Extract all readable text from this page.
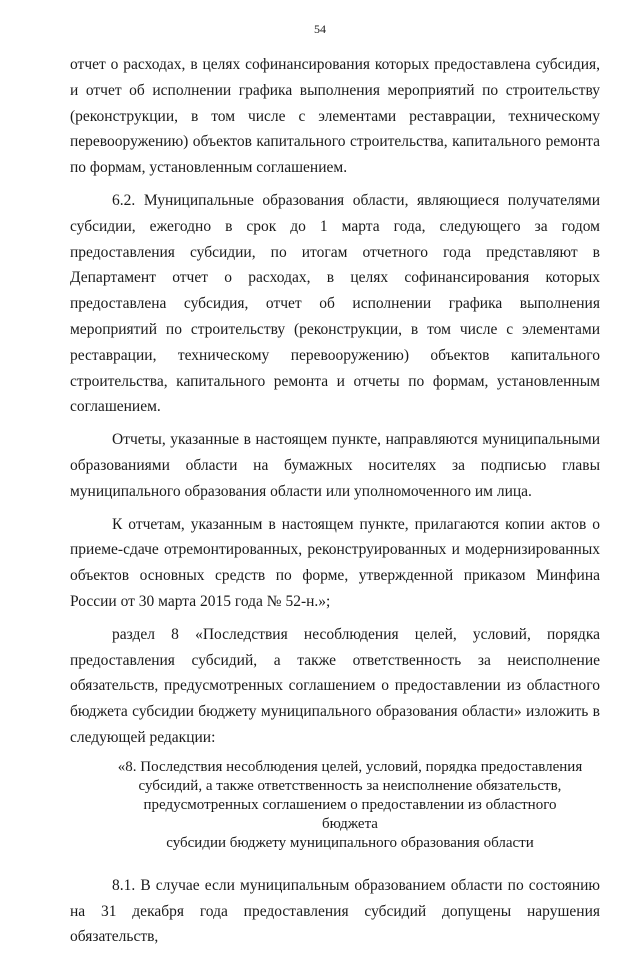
54

отчет о расходах, в целях софинансирования которых предоставлена субсидия, и отчет об исполнении графика выполнения мероприятий по строительству (реконструкции, в том числе с элементами реставрации, техническому перевооружению) объектов капитального строительства, капитального ремонта по формам, установленным соглашением.

6.2. Муниципальные образования области, являющиеся получателями субсидии, ежегодно в срок до 1 марта года, следующего за годом предоставления субсидии, по итогам отчетного года представляют в Департамент отчет о расходах, в целях софинансирования которых предоставлена субсидия, отчет об исполнении графика выполнения мероприятий по строительству (реконструкции, в том числе с элементами реставрации, техническому перевооружению) объектов капитального строительства, капитального ремонта и отчеты по формам, установленным соглашением.

Отчеты, указанные в настоящем пункте, направляются муниципальными образованиями области на бумажных носителях за подписью главы муниципального образования области или уполномоченного им лица.

К отчетам, указанным в настоящем пункте, прилагаются копии актов о приеме-сдаче отремонтированных, реконструированных и модернизированных объектов основных средств по форме, утвержденной приказом Минфина России от 30 марта 2015 года № 52-н.»;

раздел 8 «Последствия несоблюдения целей, условий, порядка предоставления субсидий, а также ответственность за неисполнение обязательств, предусмотренных соглашением о предоставлении из областного бюджета субсидии бюджету муниципального образования области» изложить в следующей редакции:

«8. Последствия несоблюдения целей, условий, порядка предоставления
субсидий, а также ответственность за неисполнение обязательств,
предусмотренных соглашением о предоставлении из областного бюджета
субсидии бюджету муниципального образования области

8.1. В случае если муниципальным образованием области по состоянию на 31 декабря года предоставления субсидий допущены нарушения обязательств,
